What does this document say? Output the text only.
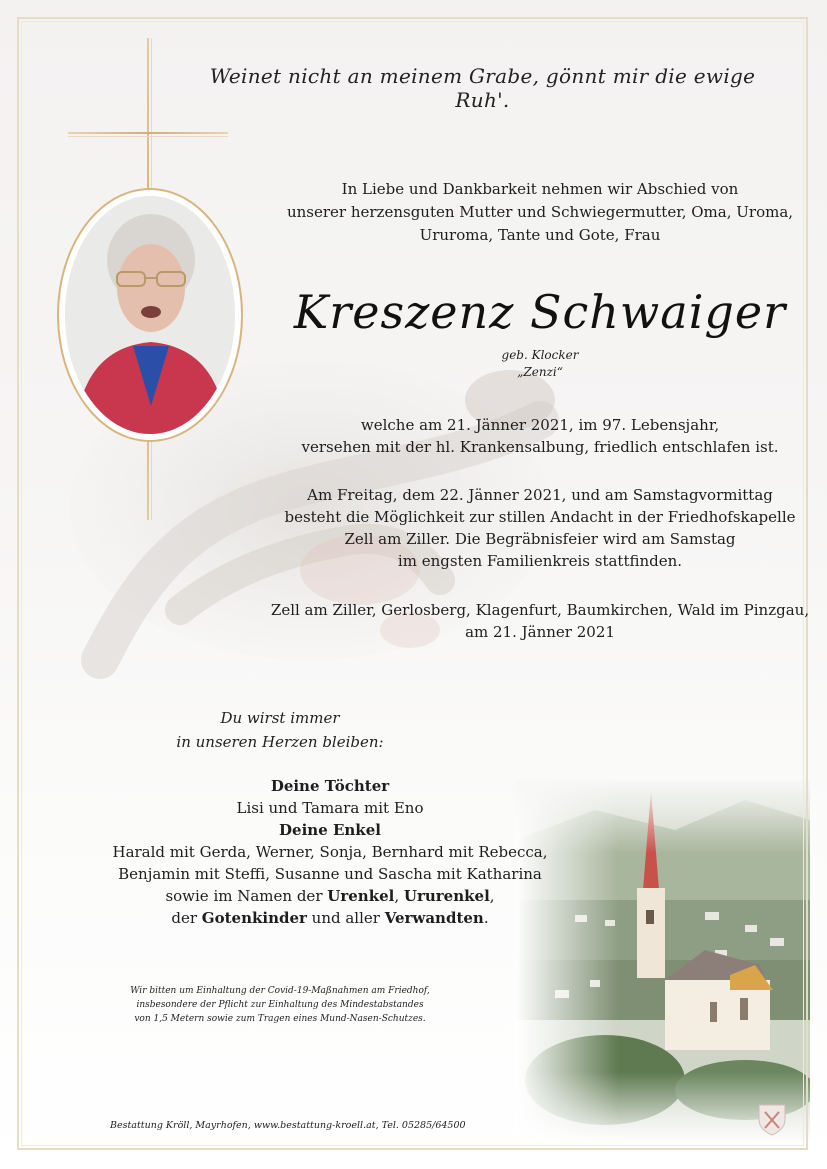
Weinet nicht an meinem Grabe, gönnt mir die ewige Ruh'.
In Liebe und Dankbarkeit nehmen wir Abschied von
unserer herzensguten Mutter und Schwiegermutter, Oma, Uroma,
Ururoma, Tante und Gote, Frau
Kreszenz Schwaiger
geb. Klocker
„Zenzi“
welche am 21. Jänner 2021, im 97. Lebensjahr,
versehen mit der hl. Krankensalbung, friedlich entschlafen ist.
Am Freitag, dem 22. Jänner 2021, und am Samstagvormittag
besteht die Möglichkeit zur stillen Andacht in der Friedhofskapelle
Zell am Ziller. Die Begräbnisfeier wird am Samstag
im engsten Familienkreis stattfinden.
Zell am Ziller, Gerlosberg, Klagenfurt, Baumkirchen, Wald im Pinzgau,
am 21. Jänner 2021
Du wirst immer
in unseren Herzen bleiben:
Deine Töchter
Lisi und Tamara mit Eno
Deine Enkel
Harald mit Gerda, Werner, Sonja, Bernhard mit Rebecca,
Benjamin mit Steffi, Susanne und Sascha mit Katharina
sowie im Namen der Urenkel, Ururenkel,
der Gotenkinder und aller Verwandten.
Wir bitten um Einhaltung der Covid-19-Maßnahmen am Friedhof,
insbesondere der Pflicht zur Einhaltung des Mindestabstandes
von 1,5 Metern sowie zum Tragen eines Mund-Nasen-Schutzes.
Bestattung Kröll, Mayrhofen, www.bestattung-kroell.at, Tel. 05285/64500
